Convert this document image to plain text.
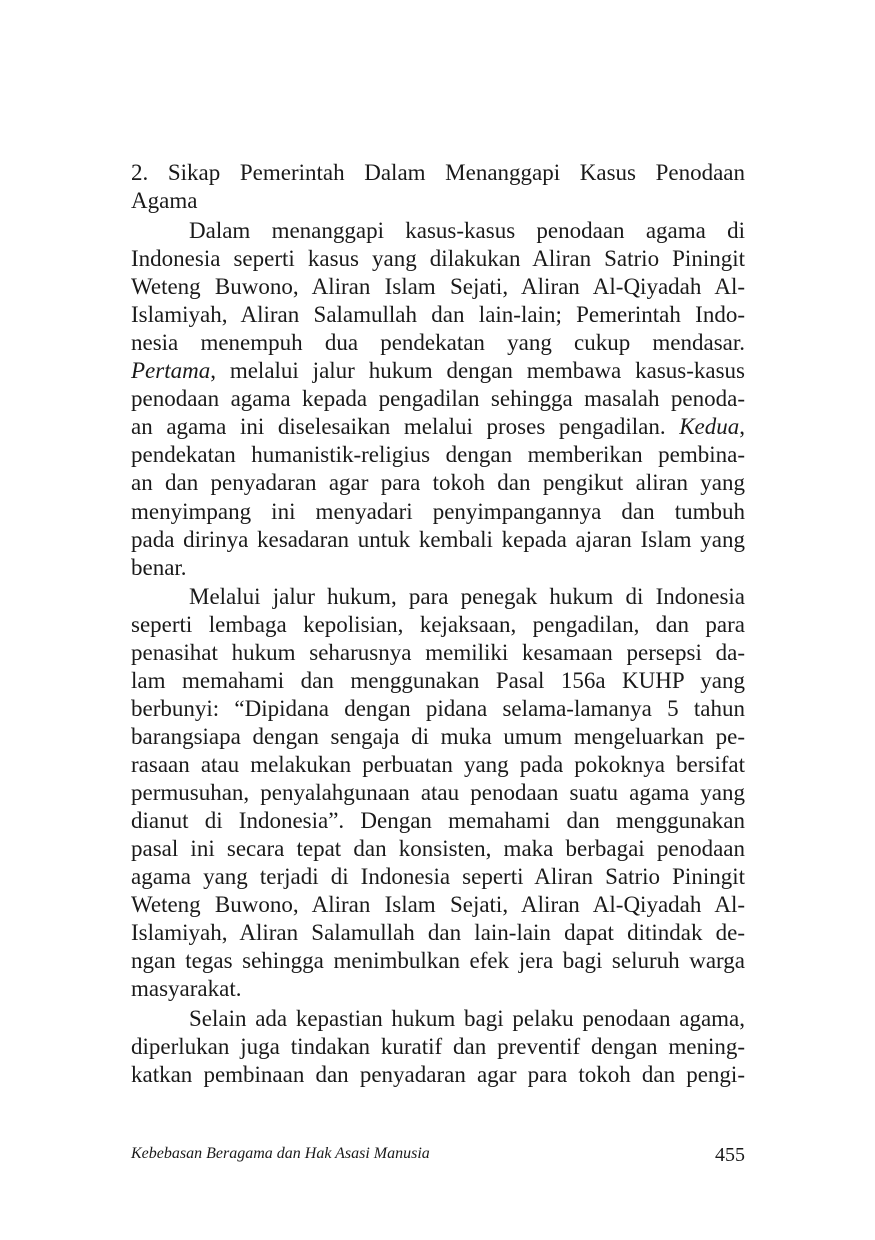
2. Sikap Pemerintah Dalam Menanggapi Kasus Penodaan
Agama
Dalam menanggapi kasus-kasus penodaan agama di
Indonesia seperti kasus yang dilakukan Aliran Satrio Piningit
Weteng Buwono, Aliran Islam Sejati, Aliran Al-Qiyadah Al-
Islamiyah, Aliran Salamullah dan lain-lain; Pemerintah Indo-
nesia menempuh dua pendekatan yang cukup mendasar.
Pertama, melalui jalur hukum dengan membawa kasus-kasus
penodaan agama kepada pengadilan sehingga masalah penoda-
an agama ini diselesaikan melalui proses pengadilan. Kedua,
pendekatan humanistik-religius dengan memberikan pembina-
an dan penyadaran agar para tokoh dan pengikut aliran yang
menyimpang ini menyadari penyimpangannya dan tumbuh
pada dirinya kesadaran untuk kembali kepada ajaran Islam yang
benar.
Melalui jalur hukum, para penegak hukum di Indonesia
seperti lembaga kepolisian, kejaksaan, pengadilan, dan para
penasihat hukum seharusnya memiliki kesamaan persepsi da-
lam memahami dan menggunakan Pasal 156a KUHP yang
berbunyi: “Dipidana dengan pidana selama-lamanya 5 tahun
barangsiapa dengan sengaja di muka umum mengeluarkan pe-
rasaan atau melakukan perbuatan yang pada pokoknya bersifat
permusuhan, penyalahgunaan atau penodaan suatu agama yang
dianut di Indonesia”. Dengan memahami dan menggunakan
pasal ini secara tepat dan konsisten, maka berbagai penodaan
agama yang terjadi di Indonesia seperti Aliran Satrio Piningit
Weteng Buwono, Aliran Islam Sejati, Aliran Al-Qiyadah Al-
Islamiyah, Aliran Salamullah dan lain-lain dapat ditindak de-
ngan tegas sehingga menimbulkan efek jera bagi seluruh warga
masyarakat.
Selain ada kepastian hukum bagi pelaku penodaan agama,
diperlukan juga tindakan kuratif dan preventif dengan mening-
katkan pembinaan dan penyadaran agar para tokoh dan pengi-
Kebebasan Beragama dan Hak Asasi Manusia	455
